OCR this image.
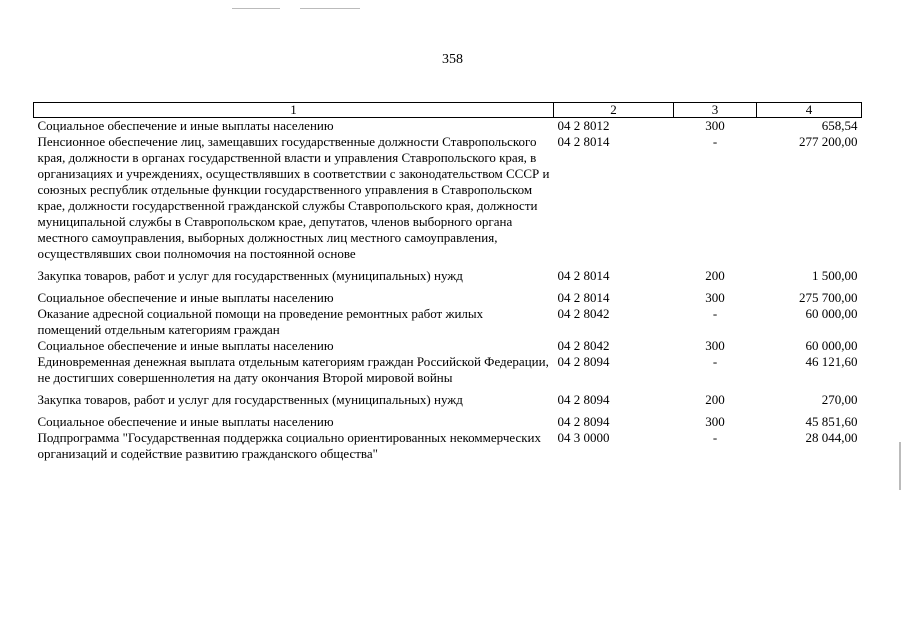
358
1	2	3	4
Социальное обеспечение и иные выплаты населению	04 2 8012	300	658,54
Пенсионное обеспечение лиц, замещавших государственные должности Ставропольского края, должности в органах государственной власти и управления Ставропольского края, в организациях и учреждениях, осуществлявших в соответствии с законодательством СССР и союзных республик отдельные функции государственного управления в Ставропольском крае, должности государственной гражданской службы Ставропольского края, должности муниципальной службы в Ставропольском крае, депутатов, членов выборного органа местного самоуправления, выборных должностных лиц местного самоуправления, осуществлявших свои полномочия на постоянной основе	04 2 8014	-	277 200,00
Закупка товаров, работ и услуг для государственных (муниципальных) нужд	04 2 8014	200	1 500,00
Социальное обеспечение и иные выплаты населению	04 2 8014	300	275 700,00
Оказание адресной социальной помощи на проведение ремонтных работ жилых помещений отдельным категориям граждан	04 2 8042	-	60 000,00
Социальное обеспечение и иные выплаты населению	04 2 8042	300	60 000,00
Единовременная денежная выплата отдельным категориям граждан Российской Федерации, не достигших совершеннолетия на дату окончания Второй мировой войны	04 2 8094	-	46 121,60
Закупка товаров, работ и услуг для государственных (муниципальных) нужд	04 2 8094	200	270,00
Социальное обеспечение и иные выплаты населению	04 2 8094	300	45 851,60
Подпрограмма "Государственная поддержка социально ориентированных некоммерческих организаций и содействие развитию гражданского общества"	04 3 0000	-	28 044,00
